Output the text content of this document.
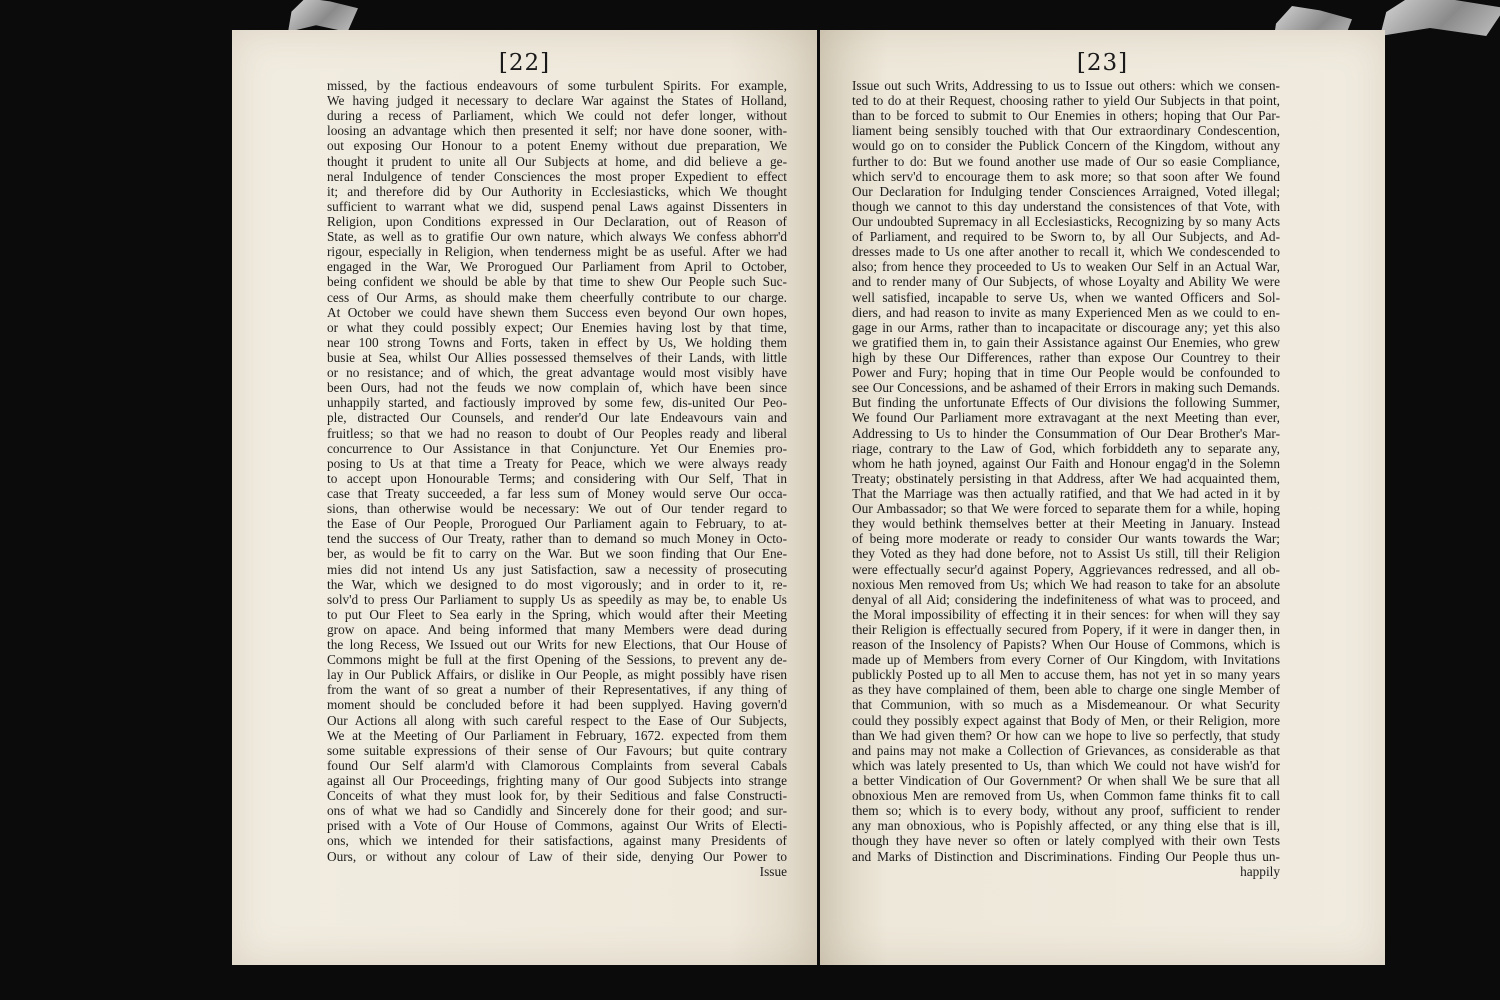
[22]
missed, by the factious endeavours of some turbulent Spirits. For example,
We having judged it necessary to declare War against the States of Holland,
during a recess of Parliament, which We could not defer longer, without
loosing an advantage which then presented it self; nor have done sooner, with-
out exposing Our Honour to a potent Enemy without due preparation, We
thought it prudent to unite all Our Subjects at home, and did believe a ge-
neral Indulgence of tender Consciences the most proper Expedient to effect
it; and therefore did by Our Authority in Ecclesiasticks, which We thought
sufficient to warrant what we did, suspend penal Laws against Dissenters in
Religion, upon Conditions expressed in Our Declaration, out of Reason of
State, as well as to gratifie Our own nature, which always We confess abhorr'd
rigour, especially in Religion, when tenderness might be as useful. After we had
engaged in the War, We Prorogued Our Parliament from April to October,
being confident we should be able by that time to shew Our People such Suc-
cess of Our Arms, as should make them cheerfully contribute to our charge.
At October we could have shewn them Success even beyond Our own hopes,
or what they could possibly expect; Our Enemies having lost by that time,
near 100 strong Towns and Forts, taken in effect by Us, We holding them
busie at Sea, whilst Our Allies possessed themselves of their Lands, with little
or no resistance; and of which, the great advantage would most visibly have
been Ours, had not the feuds we now complain of, which have been since
unhappily started, and factiously improved by some few, dis-united Our Peo-
ple, distracted Our Counsels, and render'd Our late Endeavours vain and
fruitless; so that we had no reason to doubt of Our Peoples ready and liberal
concurrence to Our Assistance in that Conjuncture. Yet Our Enemies pro-
posing to Us at that time a Treaty for Peace, which we were always ready
to accept upon Honourable Terms; and considering with Our Self, That in
case that Treaty succeeded, a far less sum of Money would serve Our occa-
sions, than otherwise would be necessary: We out of Our tender regard to
the Ease of Our People, Prorogued Our Parliament again to February, to at-
tend the success of Our Treaty, rather than to demand so much Money in Octo-
ber, as would be fit to carry on the War. But we soon finding that Our Ene-
mies did not intend Us any just Satisfaction, saw a necessity of prosecuting
the War, which we designed to do most vigorously; and in order to it, re-
solv'd to press Our Parliament to supply Us as speedily as may be, to enable Us
to put Our Fleet to Sea early in the Spring, which would after their Meeting
grow on apace. And being informed that many Members were dead during
the long Recess, We Issued out our Writs for new Elections, that Our House of
Commons might be full at the first Opening of the Sessions, to prevent any de-
lay in Our Publick Affairs, or dislike in Our People, as might possibly have risen
from the want of so great a number of their Representatives, if any thing of
moment should be concluded before it had been supplyed. Having govern'd
Our Actions all along with such careful respect to the Ease of Our Subjects,
We at the Meeting of Our Parliament in February, 1672. expected from them
some suitable expressions of their sense of Our Favours; but quite contrary
found Our Self alarm'd with Clamorous Complaints from several Cabals
against all Our Proceedings, frighting many of Our good Subjects into strange
Conceits of what they must look for, by their Seditious and false Constructi-
ons of what we had so Candidly and Sincerely done for their good; and sur-
prised with a Vote of Our House of Commons, against Our Writs of Electi-
ons, which we intended for their satisfactions, against many Presidents of
Ours, or without any colour of Law of their side, denying Our Power to
Issue
[23]
Issue out such Writs, Addressing to us to Issue out others: which we consen-
ted to do at their Request, choosing rather to yield Our Subjects in that point,
than to be forced to submit to Our Enemies in others; hoping that Our Par-
liament being sensibly touched with that Our extraordinary Condescention,
would go on to consider the Publick Concern of the Kingdom, without any
further to do: But we found another use made of Our so easie Compliance,
which serv'd to encourage them to ask more; so that soon after We found
Our Declaration for Indulging tender Consciences Arraigned, Voted illegal;
though we cannot to this day understand the consistences of that Vote, with
Our undoubted Supremacy in all Ecclesiasticks, Recognizing by so many Acts
of Parliament, and required to be Sworn to, by all Our Subjects, and Ad-
dresses made to Us one after another to recall it, which We condescended to
also; from hence they proceeded to Us to weaken Our Self in an Actual War,
and to render many of Our Subjects, of whose Loyalty and Ability We were
well satisfied, incapable to serve Us, when we wanted Officers and Sol-
diers, and had reason to invite as many Experienced Men as we could to en-
gage in our Arms, rather than to incapacitate or discourage any; yet this also
we gratified them in, to gain their Assistance against Our Enemies, who grew
high by these Our Differences, rather than expose Our Countrey to their
Power and Fury; hoping that in time Our People would be confounded to
see Our Concessions, and be ashamed of their Errors in making such Demands.
But finding the unfortunate Effects of Our divisions the following Summer,
We found Our Parliament more extravagant at the next Meeting than ever,
Addressing to Us to hinder the Consummation of Our Dear Brother's Mar-
riage, contrary to the Law of God, which forbiddeth any to separate any,
whom he hath joyned, against Our Faith and Honour engag'd in the Solemn
Treaty; obstinately persisting in that Address, after We had acquainted them,
That the Marriage was then actually ratified, and that We had acted in it by
Our Ambassador; so that We were forced to separate them for a while, hoping
they would bethink themselves better at their Meeting in January. Instead
of being more moderate or ready to consider Our wants towards the War;
they Voted as they had done before, not to Assist Us still, till their Religion
were effectually secur'd against Popery, Aggrievances redressed, and all ob-
noxious Men removed from Us; which We had reason to take for an absolute
denyal of all Aid; considering the indefiniteness of what was to proceed, and
the Moral impossibility of effecting it in their sences: for when will they say
their Religion is effectually secured from Popery, if it were in danger then, in
reason of the Insolency of Papists? When Our House of Commons, which is
made up of Members from every Corner of Our Kingdom, with Invitations
publickly Posted up to all Men to accuse them, has not yet in so many years
as they have complained of them, been able to charge one single Member of
that Communion, with so much as a Misdemeanour. Or what Security
could they possibly expect against that Body of Men, or their Religion, more
than We had given them? Or how can we hope to live so perfectly, that study
and pains may not make a Collection of Grievances, as considerable as that
which was lately presented to Us, than which We could not have wish'd for
a better Vindication of Our Government? Or when shall We be sure that all
obnoxious Men are removed from Us, when Common fame thinks fit to call
them so; which is to every body, without any proof, sufficient to render
any man obnoxious, who is Popishly affected, or any thing else that is ill,
though they have never so often or lately complyed with their own Tests
and Marks of Distinction and Discriminations. Finding Our People thus un-
happily
